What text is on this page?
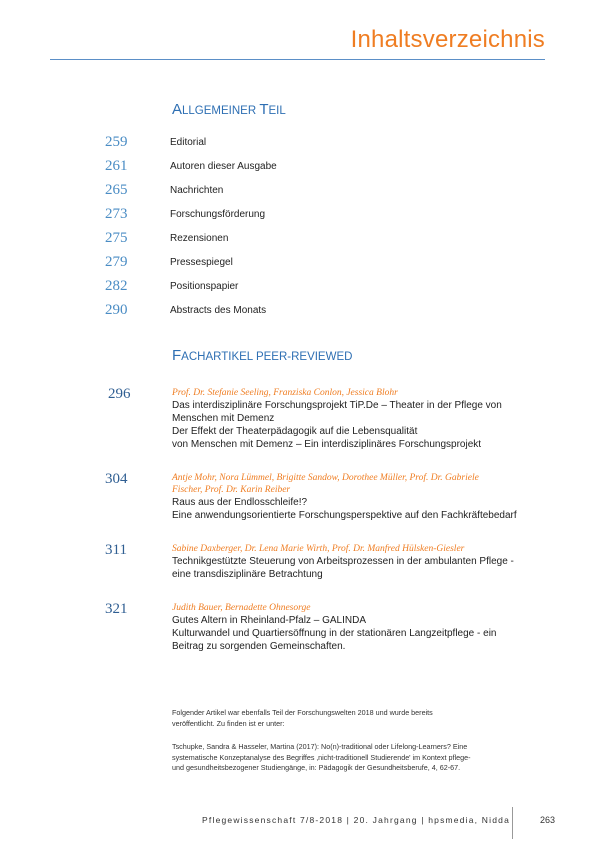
Inhaltsverzeichnis
ALLGEMEINER TEIL
259	Editorial
261	Autoren dieser Ausgabe
265	Nachrichten
273	Forschungsförderung
275	Rezensionen
279	Pressespiegel
282	Positionspapier
290	Abstracts des Monats
FACHARTIKEL PEER-REVIEWED
296	Prof. Dr. Stefanie Seeling, Franziska Conlon, Jessica Blohr
Das interdisziplinäre Forschungsprojekt TiP.De – Theater in der Pflege von
Menschen mit Demenz
Der Effekt der Theaterpädagogik auf die Lebensqualität
von Menschen mit Demenz – Ein interdisziplinäres Forschungsprojekt
304	Antje Mohr, Nora Lümmel, Brigitte Sandow, Dorothee Müller, Prof. Dr. Gabriele
Fischer, Prof. Dr. Karin Reiber
Raus aus der Endlosschleife!?
Eine anwendungsorientierte Forschungsperspektive auf den Fachkräftebedarf
311	Sabine Daxberger, Dr. Lena Marie Wirth, Prof. Dr. Manfred Hülsken-Giesler
Technikgestützte Steuerung von Arbeitsprozessen in der ambulanten Pflege -
eine transdisziplinäre Betrachtung
321	Judith Bauer, Bernadette Ohnesorge
Gutes Altern in Rheinland-Pfalz – GALINDA
Kulturwandel und Quartiersöffnung in der stationären Langzeitpflege - ein
Beitrag zu sorgenden Gemeinschaften.
Folgender Artikel war ebenfalls Teil der Forschungswelten 2018 und wurde bereits
veröffentlicht. Zu finden ist er unter:
Tschupke, Sandra & Hasseler, Martina (2017): No(n)-traditional oder Lifelong-Learners? Eine
systematische Konzeptanalyse des Begriffes ‚nicht-traditionell Studierende' im Kontext pflege-
und gesundheitsbezogener Studiengänge, in: Pädagogik der Gesundheitsberufe, 4, 62-67.
Pflegewissenschaft 7/8-2018 | 20. Jahrgang | hpsmedia, Nidda	263
